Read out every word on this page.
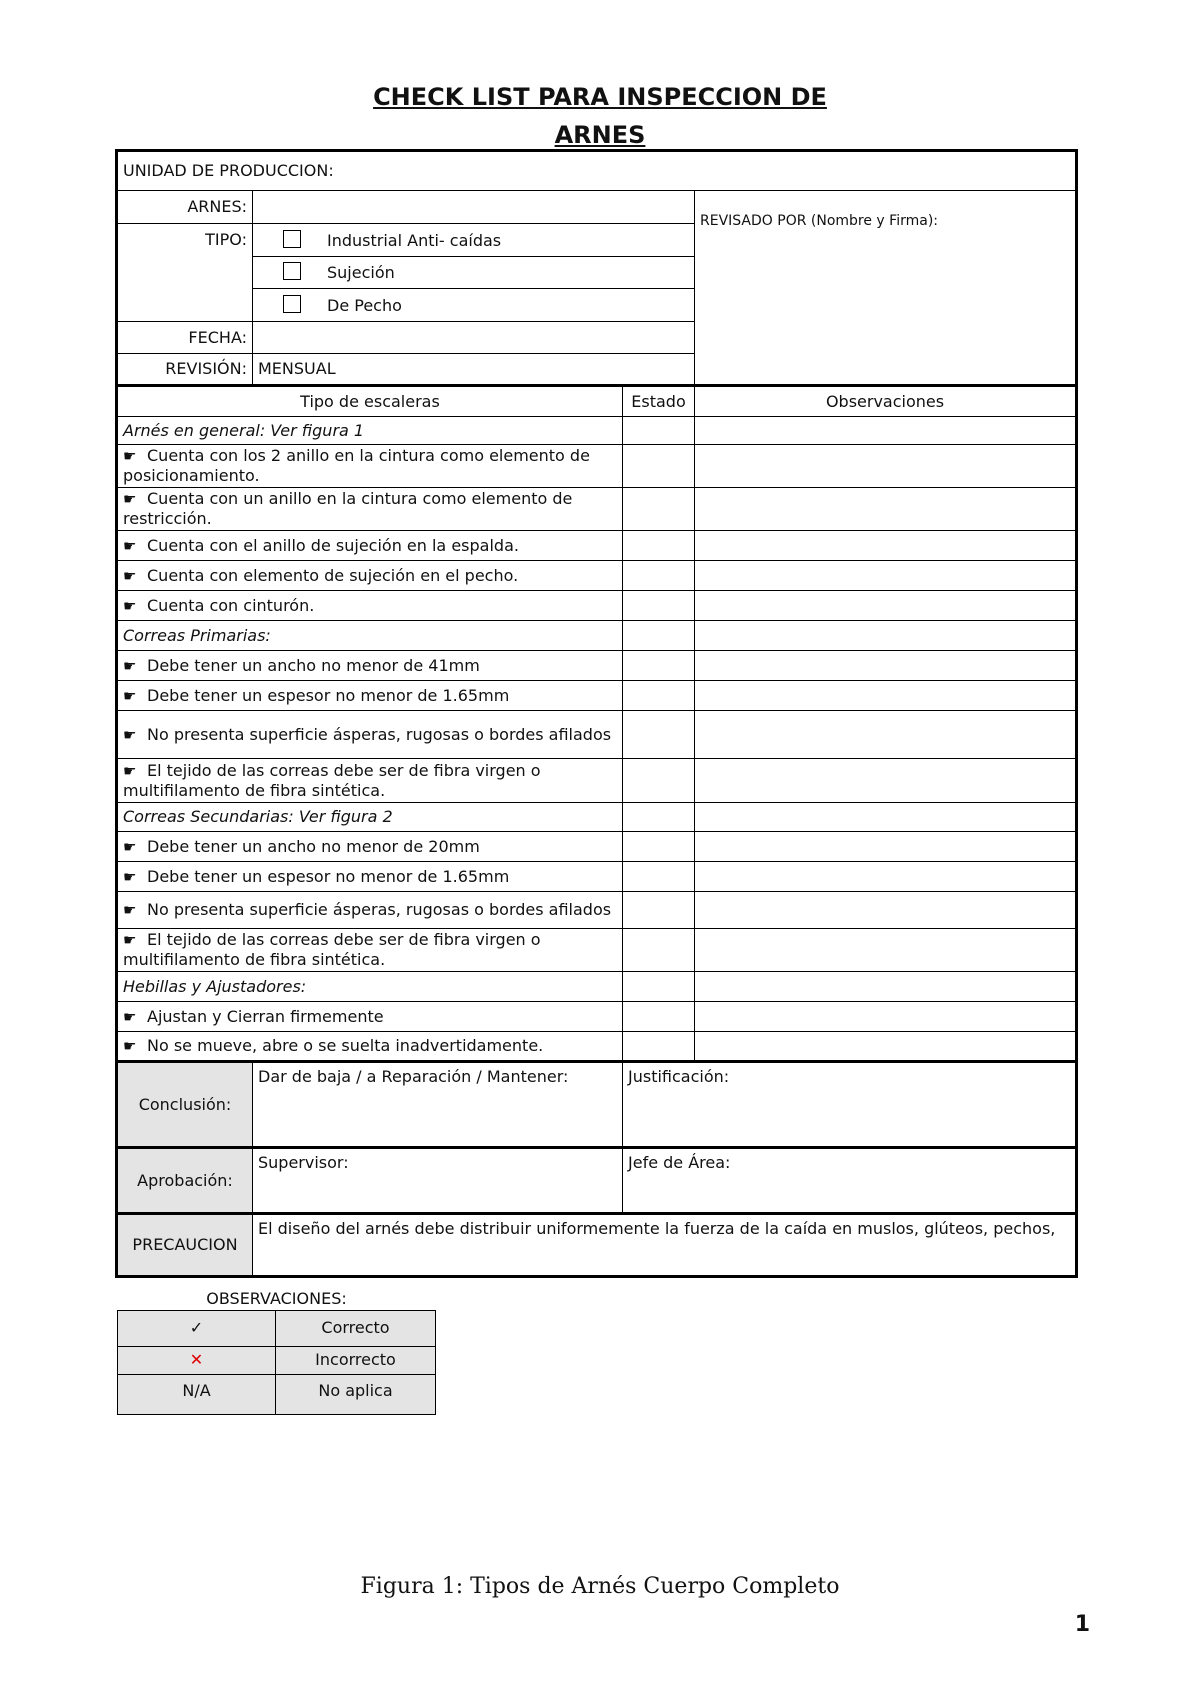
CHECK LIST PARA INSPECCION DE
ARNES
UNIDAD DE PRODUCCION:			
ARNES:			REVISADO POR (Nombre y Firma):

TIPO:	Industrial Anti- caídas		
	Sujeción		
	De Pecho		
FECHA:			
REVISIÓN:	MENSUAL		
Tipo de escaleras		Estado	Observaciones
Arnés en general: Ver figura 1			
☛ Cuenta con los 2 anillo en la cintura como elemento de posicionamiento.			
☛ Cuenta con un anillo en la cintura como elemento de restricción.			
☛ Cuenta con el anillo de sujeción en la espalda.			
☛ Cuenta con elemento de sujeción en el pecho.			
☛ Cuenta con cinturón.			
Correas Primarias:			
☛ Debe tener un ancho no menor de 41mm			
☛ Debe tener un espesor no menor de 1.65mm			
☛ No presenta superficie ásperas, rugosas o bordes afilados			
☛ El tejido de las correas debe ser de fibra virgen o multifilamento de fibra sintética.			
Correas Secundarias: Ver figura 2			
☛ Debe tener un ancho no menor de 20mm			
☛ Debe tener un espesor no menor de 1.65mm			
☛ No presenta superficie ásperas, rugosas o bordes afilados			
☛ El tejido de las correas debe ser de fibra virgen o multifilamento de fibra sintética.			
Hebillas y Ajustadores:			
☛ Ajustan y Cierran firmemente			
☛ No se mueve, abre o se suelta inadvertidamente.			
Conclusión:	Dar de baja / a Reparación / Mantener:	Justificación:	
Aprobación:	Supervisor:	Jefe de Área:	
PRECAUCION	El diseño del arnés debe distribuir uniformemente la fuerza de la caída en muslos, glúteos, pechos,		
OBSERVACIONES:	
✓	Correcto
✕	Incorrecto
N/A	No aplica
Figura 1: Tipos de Arnés Cuerpo Completo
1
